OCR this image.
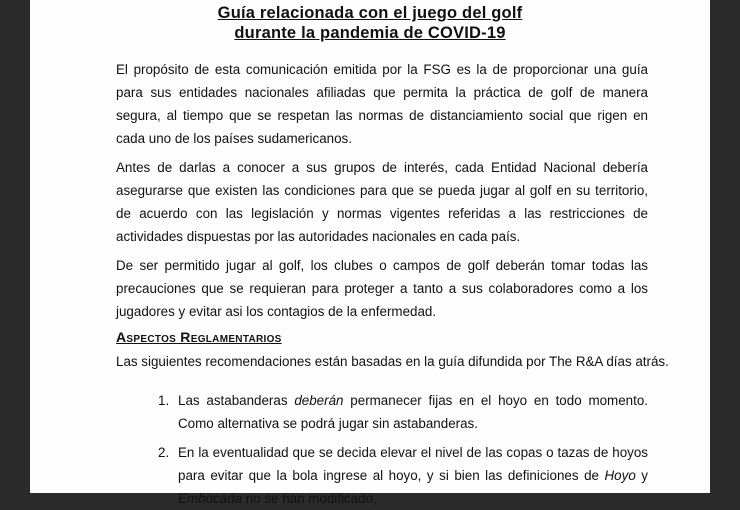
Guía relacionada con el juego del golf
durante la pandemia de COVID-19
El propósito de esta comunicación emitida por la FSG es la de proporcionar una guía para sus entidades nacionales afiliadas que permita la práctica de golf de manera segura, al tiempo que se respetan las normas de distanciamiento social que rigen en cada uno de los países sudamericanos.
Antes de darlas a conocer a sus grupos de interés, cada Entidad Nacional debería asegurarse que existen las condiciones para que se pueda jugar al golf en su territorio, de acuerdo con las legislación y normas vigentes referidas a las restricciones de actividades dispuestas por las autoridades nacionales en cada país.
De ser permitido jugar al golf, los clubes o campos de golf deberán tomar todas las precauciones que se requieran para proteger a tanto a sus colaboradores como a los jugadores y evitar asi los contagios de la enfermedad.
Aspectos Reglamentarios
Las siguientes recomendaciones están basadas en la guía difundida por The R&A días atrás.
1. Las astabanderas deberán permanecer fijas en el hoyo en todo momento. Como alternativa se podrá jugar sin astabanderas.
2. En la eventualidad que se decida elevar el nivel de las copas o tazas de hoyos para evitar que la bola ingrese al hoyo, y si bien las definiciones de Hoyo y Embocada no se han modificado,
